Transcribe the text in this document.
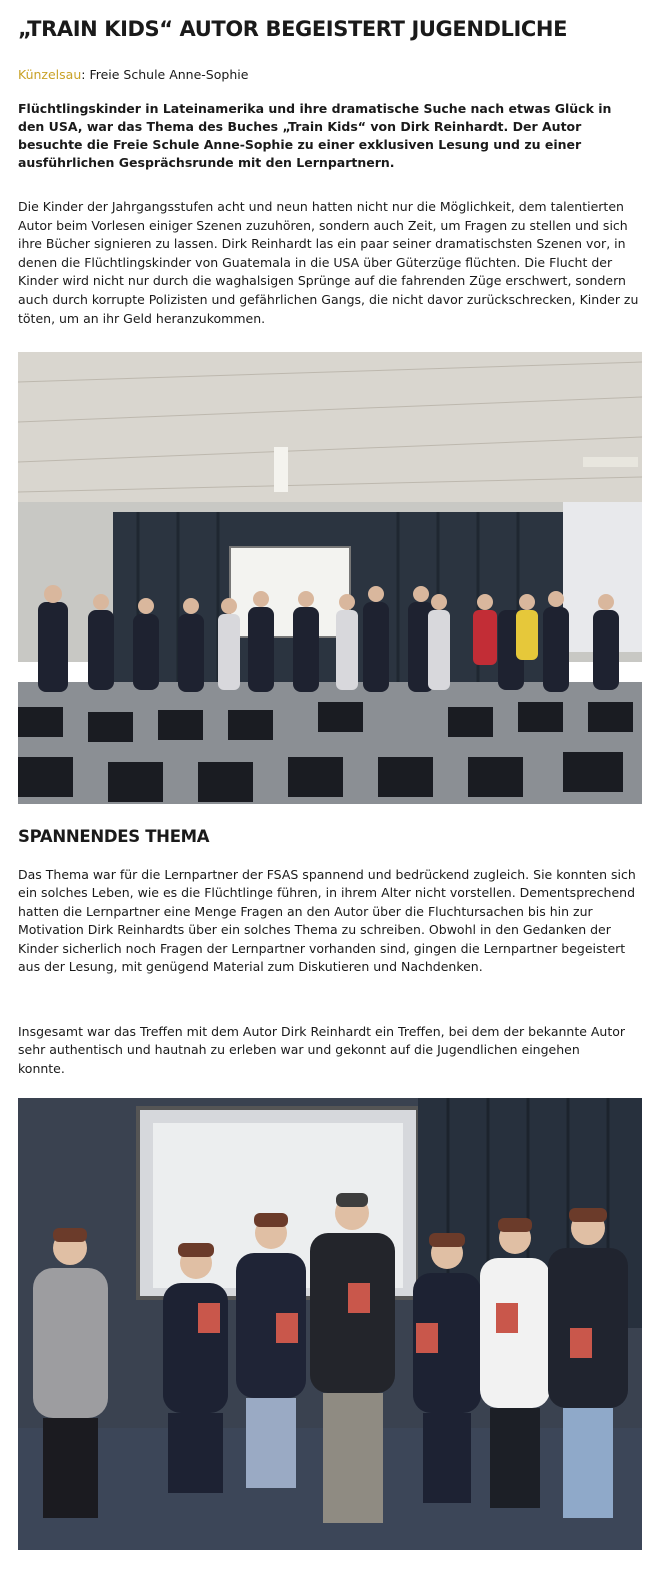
„TRAIN KIDS“ AUTOR BEGEISTERT JUGENDLICHE
Künzelsau: Freie Schule Anne-Sophie

Flüchtlingskinder in Lateinamerika und ihre dramatische Suche nach etwas Glück in den USA, war das Thema des Buches „Train Kids“ von Dirk Reinhardt. Der Autor besuchte die Freie Schule Anne-Sophie zu einer exklusiven Lesung und zu einer ausführlichen Gesprächsrunde mit den Lernpartnern.

Die Kinder der Jahrgangsstufen acht und neun hatten nicht nur die Möglichkeit, dem talentierten Autor beim Vorlesen einiger Szenen zuzuhören, sondern auch Zeit, um Fragen zu stellen und sich ihre Bücher signieren zu lassen. Dirk Reinhardt las ein paar seiner dramatischsten Szenen vor, in denen die Flüchtlingskinder von Guatemala in die USA über Güterzüge flüchten. Die Flucht der Kinder wird nicht nur durch die waghalsigen Sprünge auf die fahrenden Züge erschwert, sondern auch durch korrupte Polizisten und gefährlichen Gangs, die nicht davor zurückschrecken, Kinder zu töten, um an ihr Geld heranzukommen.

SPANNENDES THEMA

Das Thema war für die Lernpartner der FSAS spannend und bedrückend zugleich. Sie konnten sich ein solches Leben, wie es die Flüchtlinge führen, in ihrem Alter nicht vorstellen. Dementsprechend hatten die Lernpartner eine Menge Fragen an den Autor über die Fluchtursachen bis hin zur Motivation Dirk Reinhardts über ein solches Thema zu schreiben. Obwohl in den Gedanken der Kinder sicherlich noch Fragen der Lernpartner vorhanden sind, gingen die Lernpartner begeistert aus der Lesung, mit genügend Material zum Diskutieren und Nachdenken.

Insgesamt war das Treffen mit dem Autor Dirk Reinhardt ein Treffen, bei dem der bekannte Autor sehr authentisch und hautnah zu erleben war und gekonnt auf die Jugendlichen eingehen konnte.
